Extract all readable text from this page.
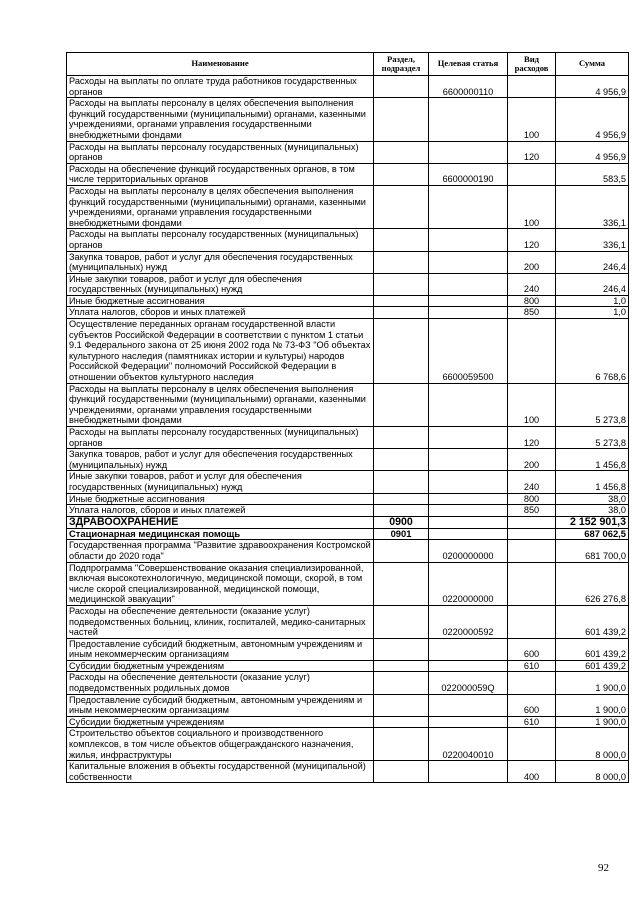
Наименование	Раздел, подраздел	Целевая статья	Вид расходов	Сумма
Расходы на выплаты по оплате труда работников государственных органов		6600000110		4 956,9
Расходы на выплаты персоналу в целях обеспечения выполнения функций государственными (муниципальными) органами, казенными учреждениями, органами управления государственными внебюджетными фондами			100	4 956,9
Расходы на выплаты персоналу государственных (муниципальных) органов			120	4 956,9
Расходы на обеспечение функций государственных органов, в том числе территориальных органов		6600000190		583,5
Расходы на выплаты персоналу в целях обеспечения выполнения функций государственными (муниципальными) органами, казенными учреждениями, органами управления государственными внебюджетными фондами			100	336,1
Расходы на выплаты персоналу государственных (муниципальных) органов			120	336,1
Закупка товаров, работ и услуг для обеспечения государственных (муниципальных) нужд			200	246,4
Иные закупки товаров, работ и услуг для обеспечения государственных (муниципальных) нужд			240	246,4
Иные бюджетные ассигнования			800	1,0
Уплата налогов, сборов и иных платежей			850	1,0
Осуществление переданных органам государственной власти субъектов Российской Федерации в соответствии с пунктом 1 статьи 9.1 Федерального закона от 25 июня 2002 года № 73-ФЗ "Об объектах культурного наследия (памятниках истории и культуры) народов Российской Федерации" полномочий Российской Федерации в отношении объектов культурного наследия		6600059500		6 768,6
Расходы на выплаты персоналу в целях обеспечения выполнения функций государственными (муниципальными) органами, казенными учреждениями, органами управления государственными внебюджетными фондами			100	5 273,8
Расходы на выплаты персоналу государственных (муниципальных) органов			120	5 273,8
Закупка товаров, работ и услуг для обеспечения государственных (муниципальных) нужд			200	1 456,8
Иные закупки товаров, работ и услуг для обеспечения государственных (муниципальных) нужд			240	1 456,8
Иные бюджетные ассигнования			800	38,0
Уплата налогов, сборов и иных платежей			850	38,0
ЗДРАВООХРАНЕНИЕ	0900			2 152 901,3
Стационарная медицинская помощь	0901			687 062,5
Государственная программа "Развитие здравоохранения Костромской области до 2020 года"		0200000000		681 700,0
Подпрограмма "Совершенствование оказания специализированной, включая высокотехнологичную, медицинской помощи, скорой, в том числе скорой специализированной, медицинской помощи, медицинской эвакуации"		0220000000		626 276,8
Расходы на обеспечение деятельности (оказание услуг) подведомственных больниц, клиник, госпиталей, медико-санитарных частей		0220000592		601 439,2
Предоставление субсидий бюджетным, автономным учреждениям и иным некоммерческим организациям			600	601 439,2
Субсидии бюджетным учреждениям			610	601 439,2
Расходы на обеспечение деятельности (оказание услуг) подведомственных родильных домов		022000059Q		1 900,0
Предоставление субсидий бюджетным, автономным учреждениям и иным некоммерческим организациям			600	1 900,0
Субсидии бюджетным учреждениям			610	1 900,0
Строительство объектов социального и производственного комплексов, в том числе объектов общегражданского назначения, жилья, инфраструктуры		0220040010		8 000,0
Капитальные вложения в объекты государственной (муниципальной) собственности			400	8 000,0
92
